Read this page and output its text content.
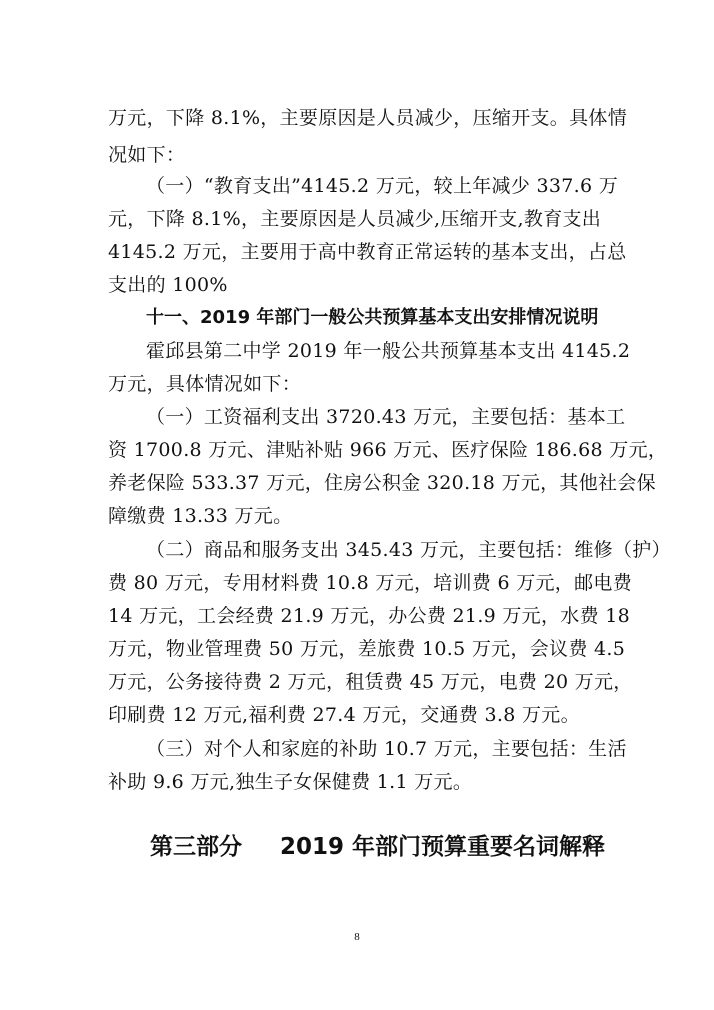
万元，下降 8.1%，主要原因是人员减少，压缩开支。具体情
况如下：
（一）“教育支出”4145.2 万元，较上年减少 337.6 万
元，下降 8.1%，主要原因是人员减少,压缩开支,教育支出
4145.2 万元，主要用于高中教育正常运转的基本支出，占总
支出的 100%
十一、2019 年部门一般公共预算基本支出安排情况说明
霍邱县第二中学 2019 年一般公共预算基本支出 4145.2
万元，具体情况如下：
（一）工资福利支出 3720.43 万元，主要包括：基本工
资 1700.8 万元、津贴补贴 966 万元、医疗保险 186.68 万元，
养老保险 533.37 万元，住房公积金 320.18 万元，其他社会保
障缴费 13.33 万元。
（二）商品和服务支出 345.43 万元，主要包括：维修（护）
费 80 万元，专用材料费 10.8 万元，培训费 6 万元，邮电费
14 万元，工会经费 21.9 万元，办公费 21.9 万元，水费 18
万元，物业管理费 50 万元，差旅费 10.5 万元，会议费 4.5
万元，公务接待费 2 万元，租赁费 45 万元，电费 20 万元，
印刷费 12 万元,福利费 27.4 万元，交通费 3.8 万元。
（三）对个人和家庭的补助 10.7 万元，主要包括：生活
补助 9.6 万元,独生子女保健费 1.1 万元。
第三部分 2019 年部门预算重要名词解释
8
